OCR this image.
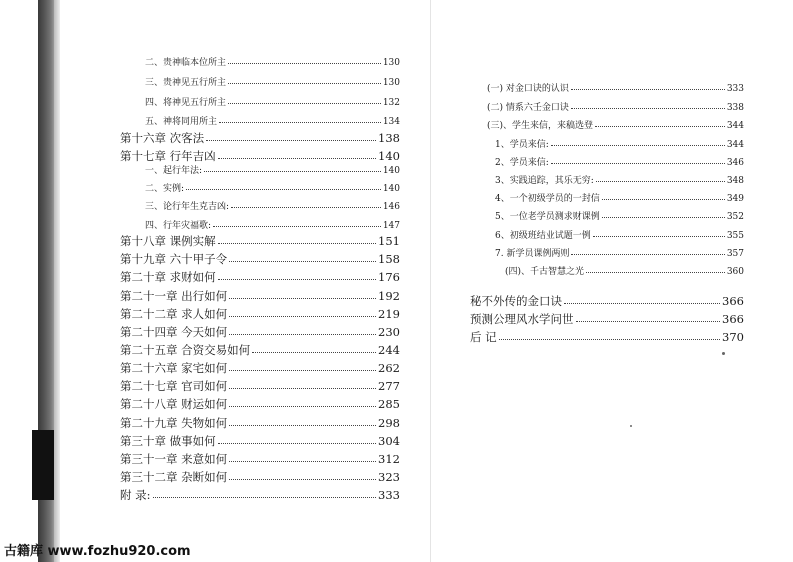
二、贵神临本位所主	130
三、贵神见五行所主	130
四、将神见五行所主	132
五、神将同用所主	134
第十六章 次客法	138
第十七章 行年吉凶	140
一、起行年法:	140
二、实例:	140
三、论行年生克吉凶:	146
四、行年灾福歌:	147
第十八章 课例实解	151
第十九章 六十甲子令	158
第二十章 求财如何	176
第二十一章 出行如何	192
第二十二章 求人如何	219
第二十四章 今天如何	230
第二十五章 合资交易如何	244
第二十六章 家宅如何	262
第二十七章 官司如何	277
第二十八章 财运如何	285
第二十九章 失物如何	298
第三十章 做事如何	304
第三十一章 来意如何	312
第三十二章 杂断如何	323
附 录:	333
(一) 对金口诀的认识	333
(二) 情系六壬金口诀	338
(三)、学生来信，来稿选登	344
1、学员来信:	344
2、学员来信:	346
3、实践追踪，其乐无穷:	348
4、一个初级学员的一封信	349
5、一位老学员测求财课例	352
6、初级班结业试题一例	355
7. 新学员课例两则	357
(四)、千古智慧之光	360
秘不外传的金口诀	366
预测公理风水学问世	366
后 记	370
古籍库 www.fozhu920.com
